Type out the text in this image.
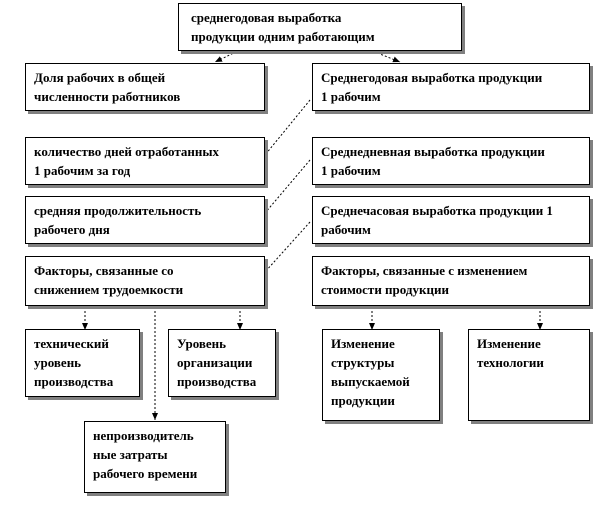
среднегодовая выработка
продукции одним работающим
Доля рабочих в общей
численности работников
Среднегодовая выработка продукции
1 рабочим
количество дней отработанных
1 рабочим за год
Среднедневная выработка продукции
1 рабочим
средняя продолжительность
рабочего дня
Среднечасовая выработка продукции 1
рабочим
Факторы, связанные со
снижением трудоемкости
Факторы, связанные с изменением
стоимости продукции
технический
уровень
производства
Уровень
организации
производства
Изменение
структуры
выпускаемой
продукции
Изменение
технологии
непроизводитель
ные затраты
рабочего времени
